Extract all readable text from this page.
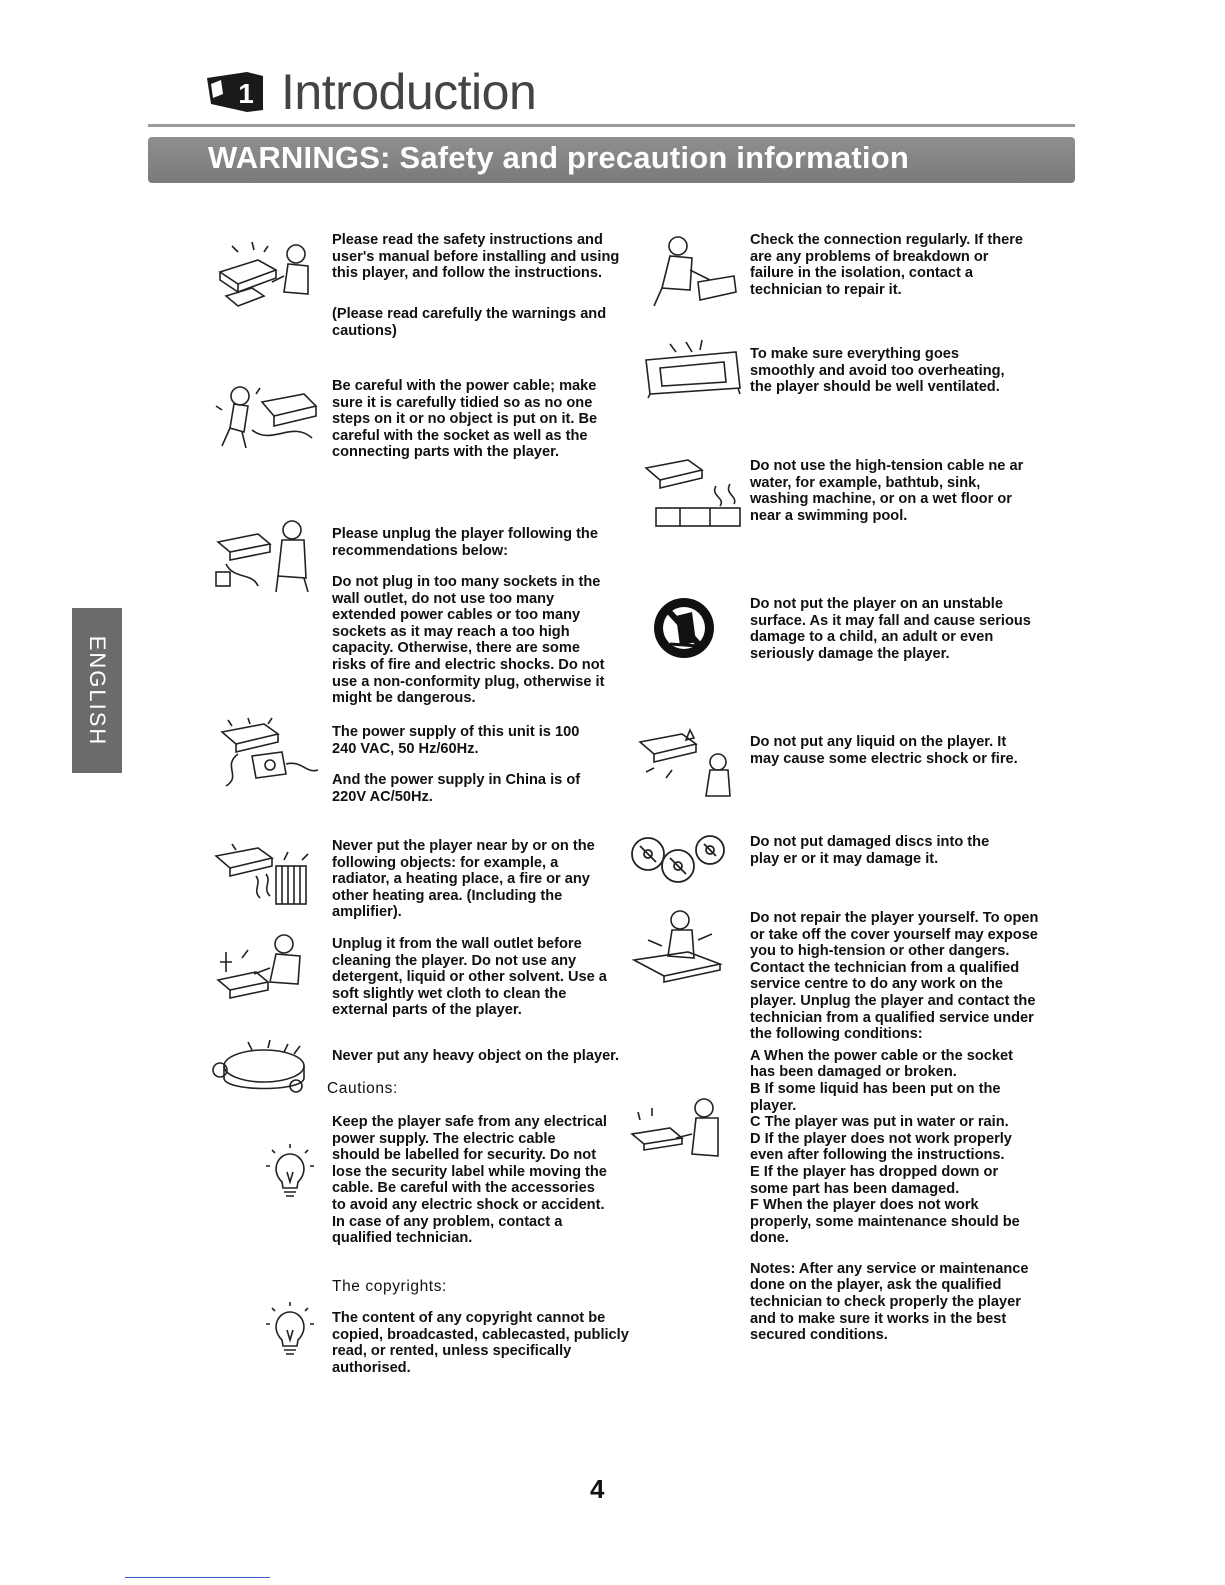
1 Introduction
WARNINGS: Safety and precaution information
ENGLISH

Please read the safety instructions and user's manual before installing and using this player, and follow the instructions.

(Please read carefully the warnings and cautions)

Be careful with the power cable; make sure it is carefully tidied so as no one steps on it or no object is put on it. Be careful with the socket as well as the connecting parts with the player.

Please unplug the player following the recommendations below:

Do not plug in too many sockets in the wall outlet, do not use too many extended power cables or too many sockets as it may reach a too high capacity. Otherwise, there are some risks of fire and electric shocks. Do not use a non-conformity plug, otherwise it might be dangerous.

The power supply of this unit is 100 240 VAC, 50 Hz/60Hz.

And the power supply in China is of 220V AC/50Hz.

Never put the player near by or on the following objects: for example, a radiator, a heating place, a fire or any other heating area. (Including the amplifier).

Unplug it from the wall outlet before cleaning the player. Do not use any detergent, liquid or other solvent. Use a soft slightly wet cloth to clean the external parts of the player.

Never put any heavy object on the player.

Cautions:

Keep the player safe from any electrical power supply. The electric cable should be labelled for security. Do not lose the security label while moving the cable. Be careful with the accessories to avoid any electric shock or accident. In case of any problem, contact a qualified technician.

The copyrights:

The content of any copyright cannot be copied, broadcasted, cablecasted, publicly read, or rented, unless specifically authorised.

Check the connection regularly. If there are any problems of breakdown or failure in the isolation, contact a technician to repair it.

To make sure everything goes smoothly and avoid too overheating, the player should be well ventilated.

Do not use the high-tension cable ne ar water, for example, bathtub, sink, washing machine, or on a wet floor or near a swimming pool.

Do not put the player on an unstable surface. As it may fall and cause serious damage to a child, an adult or even seriously damage the player.

Do not put any liquid on the player. It may cause some electric shock or fire.

Do not put damaged discs into the play er or it may damage it.

Do not repair the player yourself. To open or take off the cover yourself may expose you to high-tension or other dangers. Contact the technician from a qualified service centre to do any work on the player. Unplug the player and contact the technician from a qualified service under the following conditions:

A When the power cable or the socket has been damaged or broken.

B If some liquid has been put on the player.

C The player was put in water or rain.

D If the player does not work properly even after following the instructions.

E If the player has dropped down or some part has been damaged.

F When the player does not work properly, some maintenance should be done.

Notes: After any service or maintenance done on the player, ask the qualified technician to check properly the player and to make sure it works in the best secured conditions.

4
